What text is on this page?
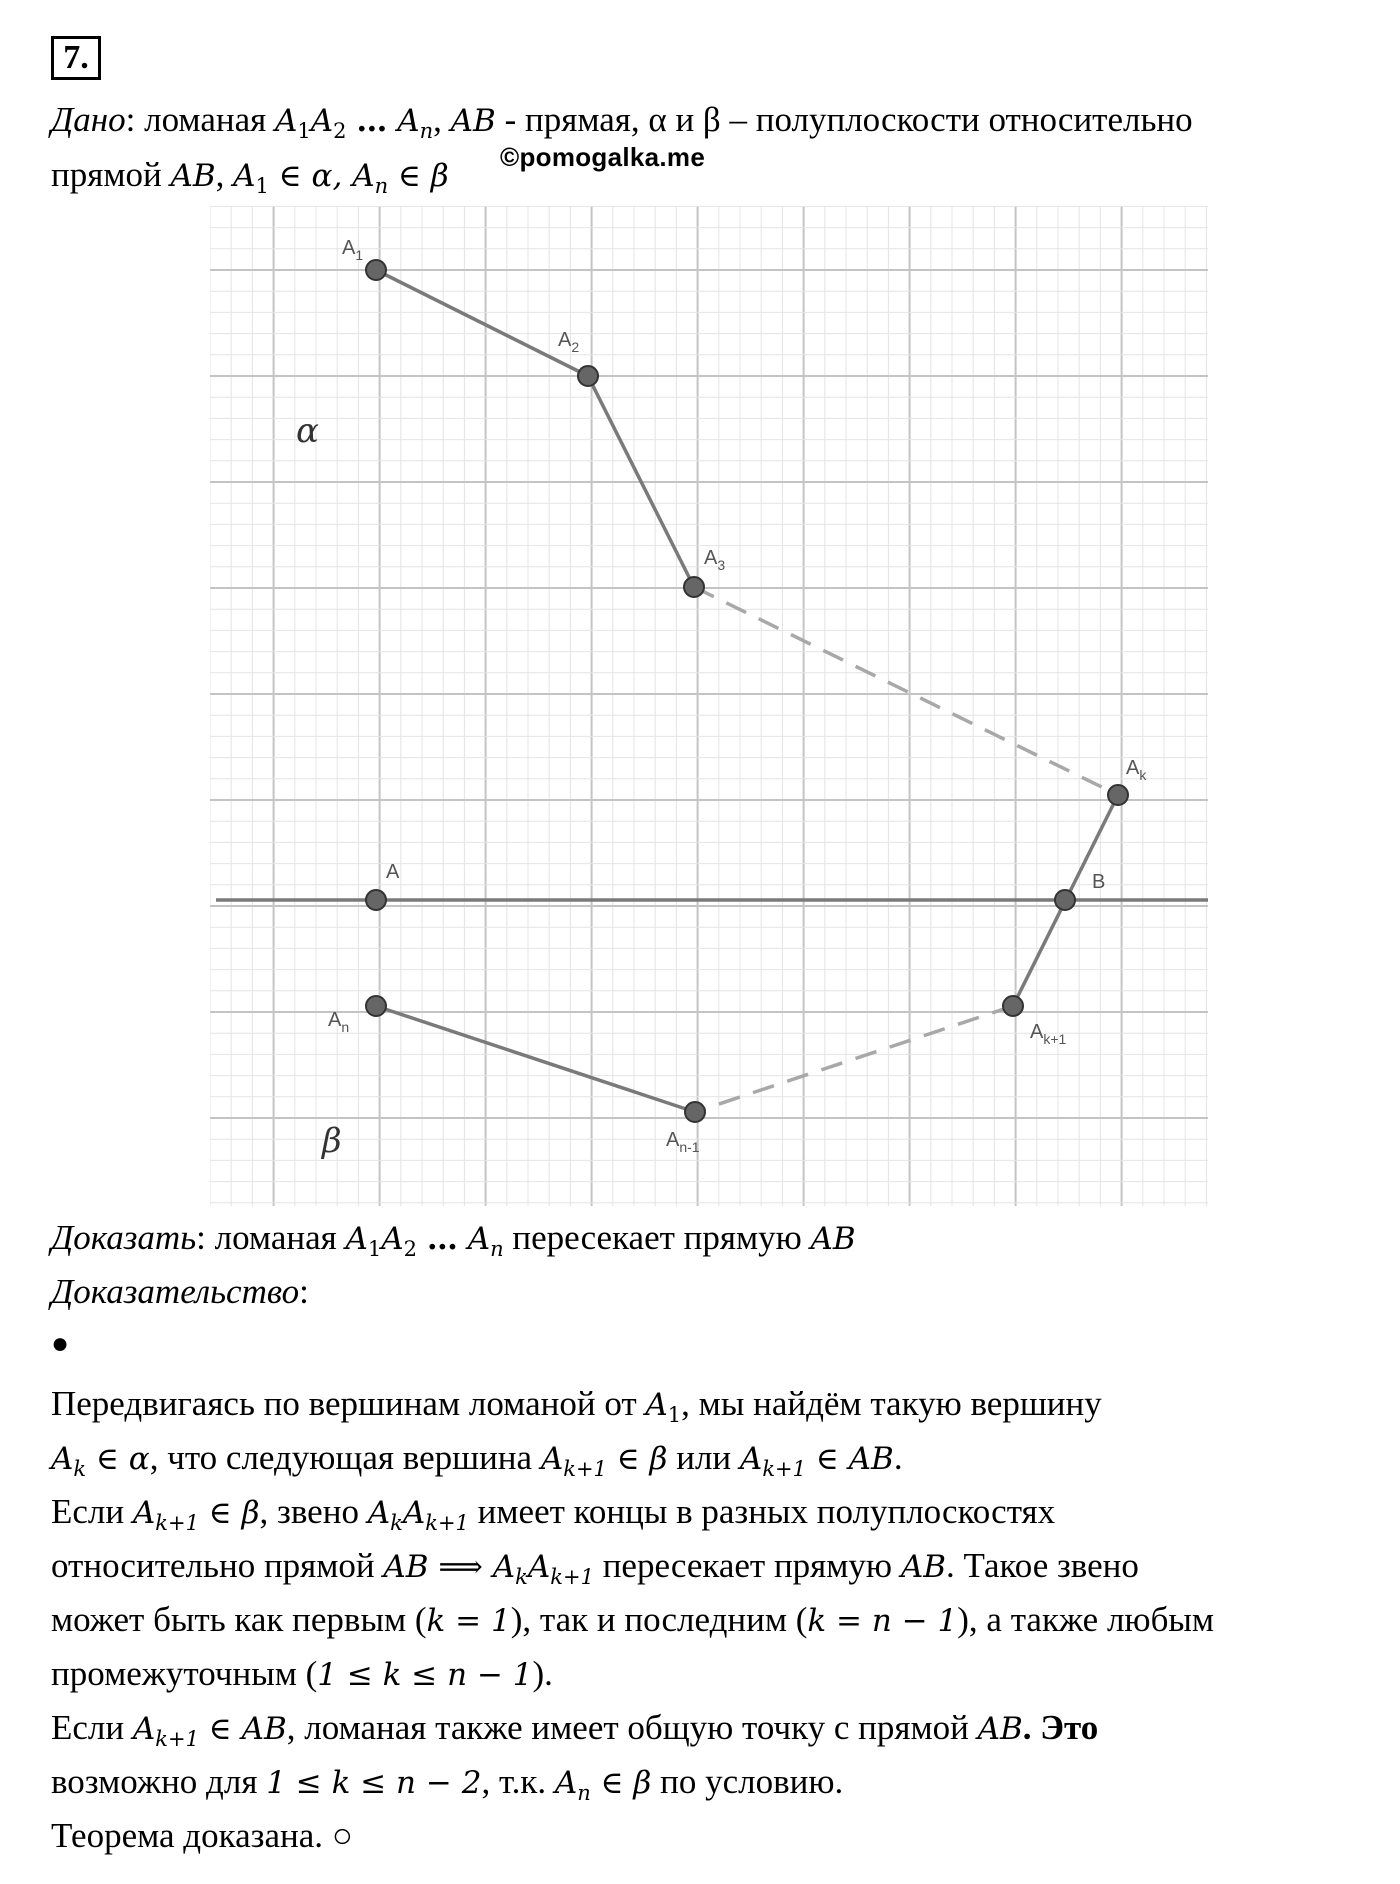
7.
Дано: ломаная $A_1A_2$ … $A_n$, AB - прямая, α и β – полуплоскости относительно
прямой AB, $A_1$ ∈ α, $A_n$ ∈ β
©pomogalka.me
$A_1$
$A_2$
$A_3$
$A_k$
A	B
$A_{k+1}$
$A_{n-1}$
$A_n$
α
β
Доказать: ломаная $A_1A_2$ … $A_n$ пересекает прямую AB
Доказательство:
●
Передвигаясь по вершинам ломаной от $A_1$, мы найдём такую вершину
$A_k$ ∈ α, что следующая вершина $A_{k+1}$ ∈ β или $A_{k+1}$ ∈ AB.
Если $A_{k+1}$ ∈ β, звено $A_kA_{k+1}$ имеет концы в разных полуплоскостях
относительно прямой AB ⟹ $A_kA_{k+1}$ пересекает прямую AB. Такое звено
может быть как первым (k = 1), так и последним (k = n − 1), а также любым
промежуточным (1 ≤ k ≤ n − 1).
Если $A_{k+1}$ ∈ AB, ломаная также имеет общую точку с прямой AB. Это
возможно для 1 ≤ k ≤ n − 2, т.к. $A_n$ ∈ β по условию.
Теорема доказана. ○
